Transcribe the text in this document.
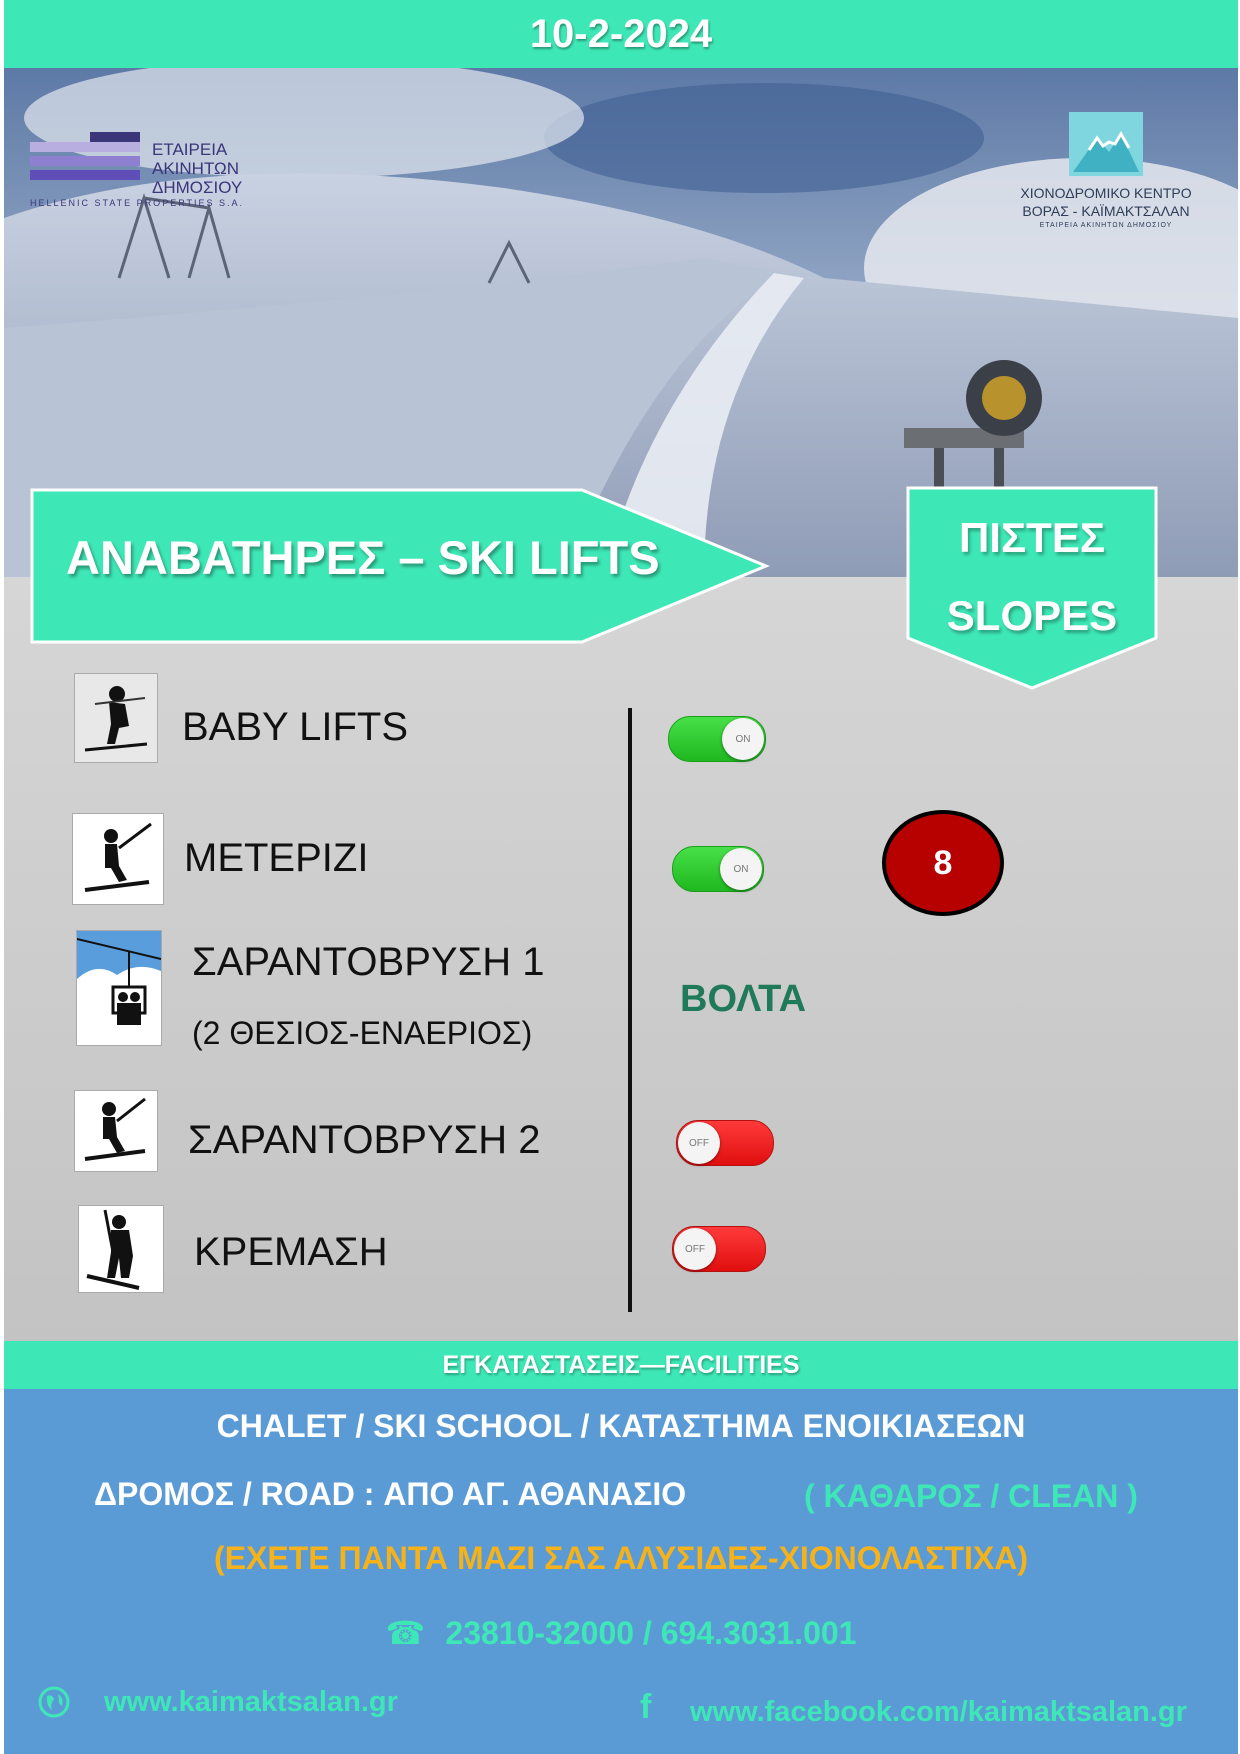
10-2-2024
ΕΤΑΙΡΕΙΑ
ΑΚΙΝΗΤΩΝ
ΔΗΜΟΣΙΟΥ
HELLENIC STATE PROPERTIES S.A.
ΧΙΟΝΟΔΡΟΜΙΚΟ ΚΕΝΤΡΟ
ΒΟΡΑΣ - ΚΑΪΜΑΚΤΣΑΛΑΝ
ΕΤΑΙΡΕΙΑ ΑΚΙΝΗΤΩΝ ΔΗΜΟΣΙΟΥ
ΑΝΑΒΑΤΗΡΕΣ – SKI LIFTS	ΠΙΣΤΕΣ
SLOPES
BABY LIFTS	ON
ΜΕΤΕΡΙΖΙ	ON	8
ΣΑΡΑΝΤΟΒΡΥΣΗ 1
(2 ΘΕΣΙΟΣ-ΕΝΑΕΡΙΟΣ)
ΒΟΛΤΑ
ΣΑΡΑΝΤΟΒΡΥΣΗ 2	OFF
ΚΡΕΜΑΣΗ	OFF
ΕΓΚΑΤΑΣΤΑΣΕΙΣ—FACILITIES
CHALET / SKI SCHOOL / ΚΑΤΑΣΤΗΜΑ ΕΝΟΙΚΙΑΣΕΩΝ
ΔΡΟΜΟΣ / ROAD : ΑΠΟ ΑΓ. ΑΘΑΝΑΣΙΟ	( ΚΑΘΑΡΟΣ / CLEAN )
(ΕΧΕΤΕ ΠΑΝΤΑ ΜΑΖΙ ΣΑΣ ΑΛΥΣΙΔΕΣ-ΧΙΟΝΟΛΑΣΤΙΧΑ)
☎ 23810-32000 / 694.3031.001
www.kaimaktsalan.gr	f www.facebook.com/kaimaktsalan.gr
